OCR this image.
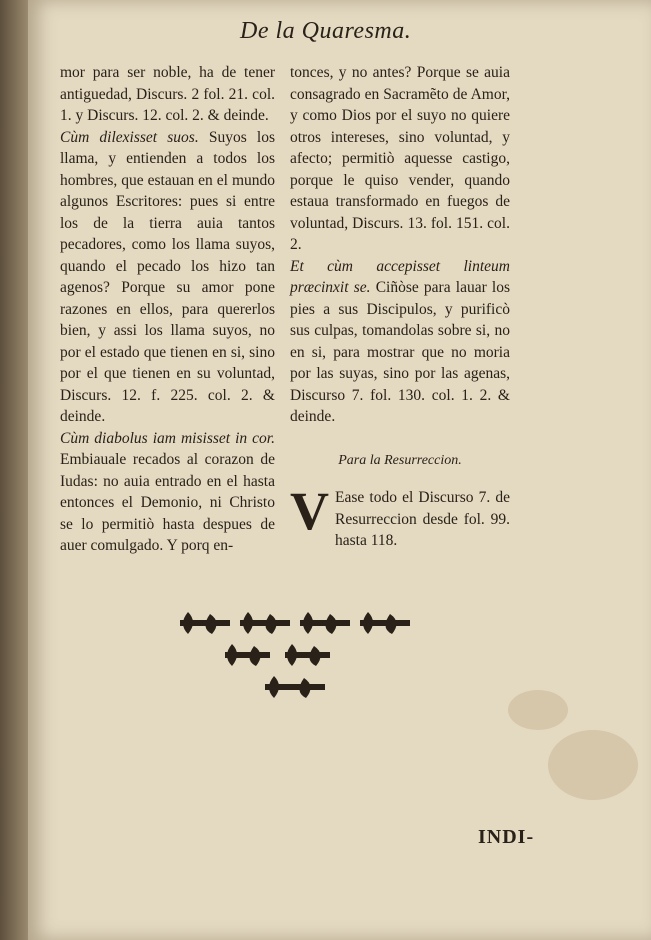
De la Quaresma.

mor para ser noble, ha de tener antiguedad, Discurs. 2 fol. 21. col. 1. y Discurs. 12. col. 2. & deinde.

Cùm dilexisset suos. Suyos los llama, y entienden a todos los hombres, que estauan en el mundo algunos Escritores: pues si entre los de la tierra auia tantos pecadores, como los llama suyos, quando el pecado los hizo tan agenos? Porque su amor pone razones en ellos, para quererlos bien, y assi los llama suyos, no por el estado que tienen en si, sino por el que tienen en su voluntad, Discurs. 12. f. 225. col. 2. & deinde.

Cùm diabolus iam misisset in cor. Embiauale recados al corazon de Iudas: no auia entrado en el hasta entonces el Demonio, ni Christo se lo permitiò hasta despues de auer comulgado. Y porq en-

tonces, y no antes? Porque se auia consagrado en Sacramẽto de Amor, y como Dios por el suyo no quiere otros intereses, sino voluntad, y afecto; permitiò aquesse castigo, porque le quiso vender, quando estaua transformado en fuegos de voluntad, Discurs. 13. fol. 151. col. 2.

Et cùm accepisset linteum præcinxit se. Ciñòse para lauar los pies a sus Discipulos, y purificò sus culpas, tomandolas sobre si, no en si, para mostrar que no moria por las suyas, sino por las agenas, Discurso 7. fol. 130. col. 1. 2. & deinde.

Para la Resurreccion.

V Ease todo el Discurso 7. de Resurreccion desde fol. 99. hasta 118.

INDI-
